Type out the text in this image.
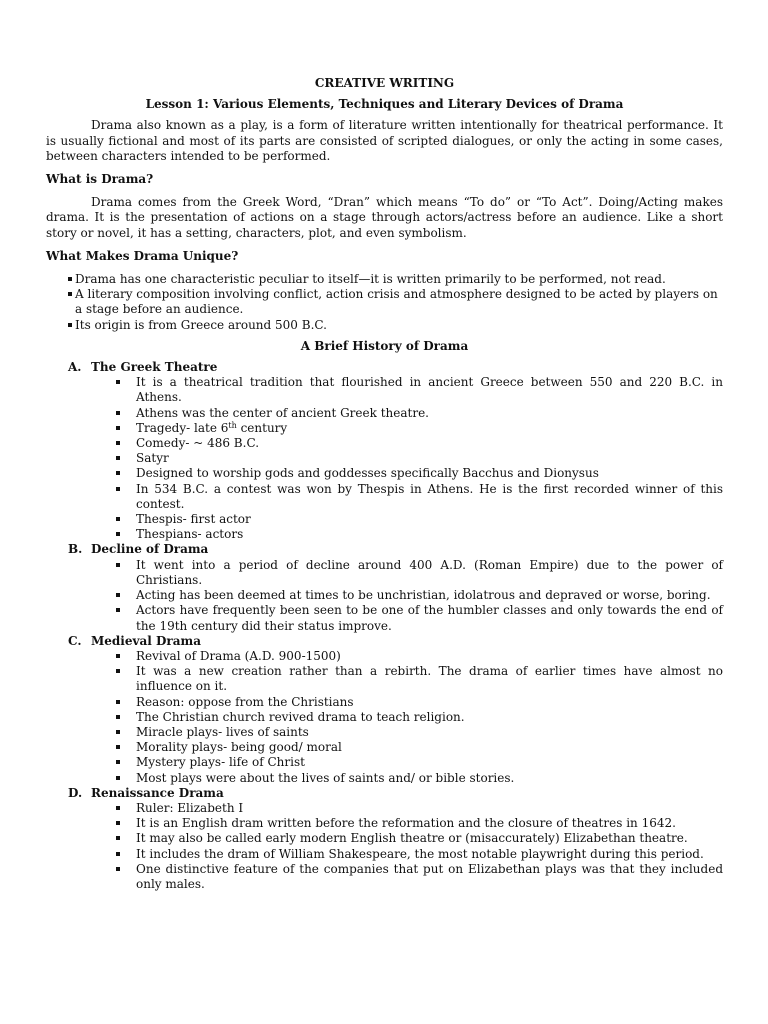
CREATIVE WRITING

Lesson 1: Various Elements, Techniques and Literary Devices of Drama

Drama also known as a play, is a form of literature written intentionally for theatrical performance. It is usually fictional and most of its parts are consisted of scripted dialogues, or only the acting in some cases, between characters intended to be performed.

What is Drama?

Drama comes from the Greek Word, “Dran” which means “To do” or “To Act”. Doing/Acting makes drama. It is the presentation of actions on a stage through actors/actress before an audience. Like a short story or novel, it has a setting, characters, plot, and even symbolism.

What Makes Drama Unique?

Drama has one characteristic peculiar to itself—it is written primarily to be performed, not read.
A literary composition involving conflict, action crisis and atmosphere designed to be acted by players on a stage before an audience.
Its origin is from Greece around 500 B.C.

A Brief History of Drama

A. The Greek Theatre
It is a theatrical tradition that flourished in ancient Greece between 550 and 220 B.C. in Athens.
Athens was the center of ancient Greek theatre.
Tragedy- late 6th century
Comedy- ~ 486 B.C.
Satyr
Designed to worship gods and goddesses specifically Bacchus and Dionysus
In 534 B.C. a contest was won by Thespis in Athens. He is the first recorded winner of this contest.
Thespis- first actor
Thespians- actors
B. Decline of Drama
It went into a period of decline around 400 A.D. (Roman Empire) due to the power of Christians.
Acting has been deemed at times to be unchristian, idolatrous and depraved or worse, boring.
Actors have frequently been seen to be one of the humbler classes and only towards the end of the 19th century did their status improve.
C. Medieval Drama
Revival of Drama (A.D. 900-1500)
It was a new creation rather than a rebirth. The drama of earlier times have almost no influence on it.
Reason: oppose from the Christians
The Christian church revived drama to teach religion.
Miracle plays- lives of saints
Morality plays- being good/ moral
Mystery plays- life of Christ
Most plays were about the lives of saints and/ or bible stories.
D. Renaissance Drama
Ruler: Elizabeth I
It is an English dram written before the reformation and the closure of theatres in 1642.
It may also be called early modern English theatre or (misaccurately) Elizabethan theatre.
It includes the dram of William Shakespeare, the most notable playwright during this period.
One distinctive feature of the companies that put on Elizabethan plays was that they included only males.
